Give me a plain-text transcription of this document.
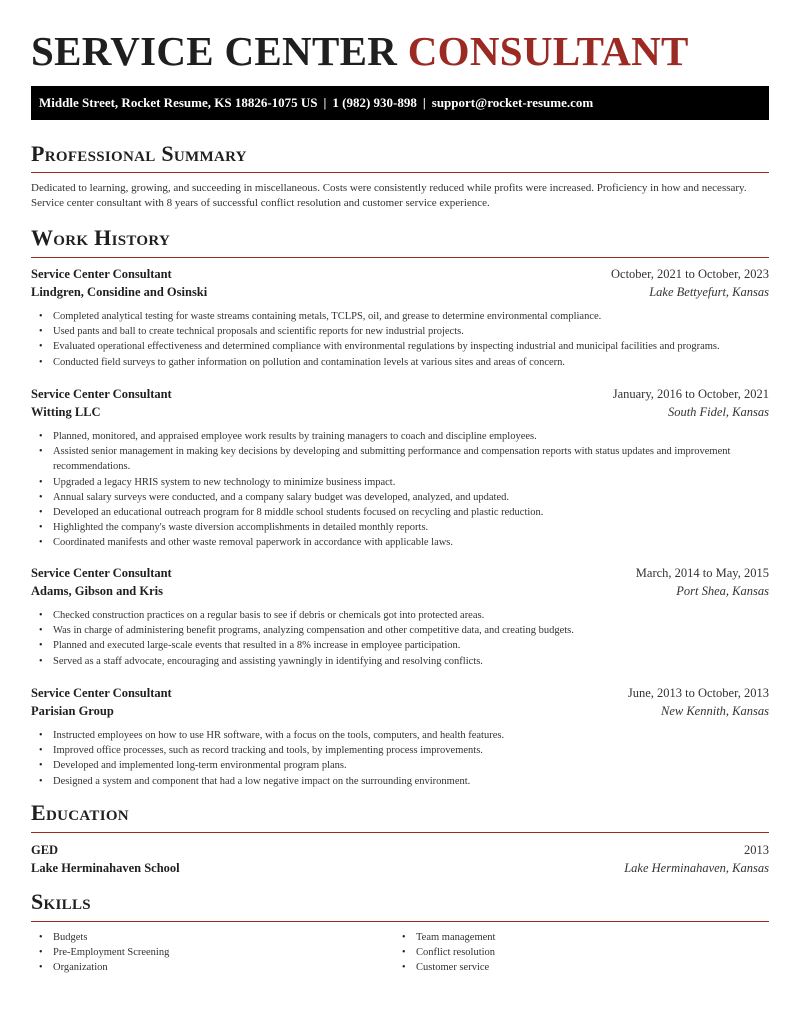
SERVICE CENTER CONSULTANT
Middle Street, Rocket Resume, KS 18826-1075 US | 1 (982) 930-898 | support@rocket-resume.com
Professional Summary
Dedicated to learning, growing, and succeeding in miscellaneous. Costs were consistently reduced while profits were increased. Proficiency in how and necessary. Service center consultant with 8 years of successful conflict resolution and customer service experience.
Work History
Service Center Consultant	October, 2021 to October, 2023
Lindgren, Considine and Osinski	Lake Bettyefurt, Kansas
• Completed analytical testing for waste streams containing metals, TCLPS, oil, and grease to determine environmental compliance.
• Used pants and ball to create technical proposals and scientific reports for new industrial projects.
• Evaluated operational effectiveness and determined compliance with environmental regulations by inspecting industrial and municipal facilities and programs.
• Conducted field surveys to gather information on pollution and contamination levels at various sites and areas of concern.
Service Center Consultant	January, 2016 to October, 2021
Witting LLC	South Fidel, Kansas
• Planned, monitored, and appraised employee work results by training managers to coach and discipline employees.
• Assisted senior management in making key decisions by developing and submitting performance and compensation reports with status updates and improvement recommendations.
• Upgraded a legacy HRIS system to new technology to minimize business impact.
• Annual salary surveys were conducted, and a company salary budget was developed, analyzed, and updated.
• Developed an educational outreach program for 8 middle school students focused on recycling and plastic reduction.
• Highlighted the company's waste diversion accomplishments in detailed monthly reports.
• Coordinated manifests and other waste removal paperwork in accordance with applicable laws.
Service Center Consultant	March, 2014 to May, 2015
Adams, Gibson and Kris	Port Shea, Kansas
• Checked construction practices on a regular basis to see if debris or chemicals got into protected areas.
• Was in charge of administering benefit programs, analyzing compensation and other competitive data, and creating budgets.
• Planned and executed large-scale events that resulted in a 8% increase in employee participation.
• Served as a staff advocate, encouraging and assisting yawningly in identifying and resolving conflicts.
Service Center Consultant	June, 2013 to October, 2013
Parisian Group	New Kennith, Kansas
• Instructed employees on how to use HR software, with a focus on the tools, computers, and health features.
• Improved office processes, such as record tracking and tools, by implementing process improvements.
• Developed and implemented long-term environmental program plans.
• Designed a system and component that had a low negative impact on the surrounding environment.
Education
GED	2013
Lake Herminahaven School	Lake Herminahaven, Kansas
Skills
• Budgets
• Pre-Employment Screening
• Organization
• Team management
• Conflict resolution
• Customer service
